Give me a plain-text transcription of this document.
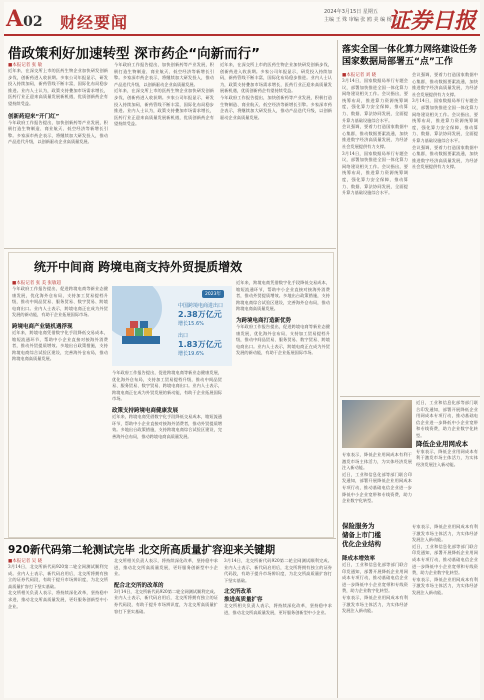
A02 财经要闻
2024年3月15日 星期五
主编 王 殊 审编 张 鸥 美 编 杨 宣
证券日报
借政策利好加速转型 深市药企“向新而行”	落实全国一体化算力网络建设任务 国家数据局部署五“点”工作
■本报记者 张 敏
近年来，在深交所上市的医药生物企业加快研发创新步伐，创新药进入收获期。多家公司年报显示，研发投入持续加码，新药管线不断丰富，国际化布局稳步推进。业内人士认为，政策支持叠加市场需求增长，医药行业正迎来高质量发展新机遇，优质创新药企有望持续受益。
创新药迎来“开门红”
今年政府工作报告提出，加快创新药等产业发展，积极打造生物制造、商业航天、低空经济等新增长引擎。多家深市药企表示，将继续加大研发投入，推动产品迭代升级，以创新驱动企业高质量发展。
今年政府工作报告提出，加快创新药等产业发展，积极打造生物制造、商业航天、低空经济等新增长引擎。多家深市药企表示，将继续加大研发投入，推动产品迭代升级，以创新驱动企业高质量发展。
近年来，在深交所上市的医药生物企业加快研发创新步伐，创新药进入收获期。多家公司年报显示，研发投入持续加码，新药管线不断丰富，国际化布局稳步推进。业内人士认为，政策支持叠加市场需求增长，医药行业正迎来高质量发展新机遇，优质创新药企有望持续受益。
近年来，在深交所上市的医药生物企业加快研发创新步伐，创新药进入收获期。多家公司年报显示，研发投入持续加码，新药管线不断丰富，国际化布局稳步推进。业内人士认为，政策支持叠加市场需求增长，医药行业正迎来高质量发展新机遇，优质创新药企有望持续受益。
今年政府工作报告提出，加快创新药等产业发展，积极打造生物制造、商业航天、低空经济等新增长引擎。多家深市药企表示，将继续加大研发投入，推动产品迭代升级，以创新驱动企业高质量发展。
■本报记者 刘 晓
3月14日，国家数据局举行专题会议，部署加快推进全国一体化算力网络建设相关工作。会议指出，要统筹布局，推进算力资源统筹调度，强化算力安全保障，推动算力、数据、算法协同发展，全面提升算力基础设施综合水平。
会议强调，要着力打造国家数据中心集群，推动数据要素流通，加快推进数字经济高质量发展，为经济社会发展提供有力支撑。
3月14日，国家数据局举行专题会议，部署加快推进全国一体化算力网络建设相关工作。会议指出，要统筹布局，推进算力资源统筹调度，强化算力安全保障，推动算力、数据、算法协同发展，全面提升算力基础设施综合水平。
会议强调，要着力打造国家数据中心集群，推动数据要素流通，加快推进数字经济高质量发展，为经济社会发展提供有力支撑。
3月14日，国家数据局举行专题会议，部署加快推进全国一体化算力网络建设相关工作。会议指出，要统筹布局，推进算力资源统筹调度，强化算力安全保障，推动算力、数据、算法协同发展，全面提升算力基础设施综合水平。
会议强调，要着力打造国家数据中心集群，推动数据要素流通，加快推进数字经济高质量发展，为经济社会发展提供有力支撑。
统开中间商 跨境电商支持外贸提质增效
■本报记者 张 美 张敏超
今年政府工作报告提出，促进跨境电商等新业态健康发展，优化海外仓布局，支持加工贸易提档升级，推动中间品贸易、服务贸易、数字贸易、跨境电商出口。业内人士表示，跨境电商正在成为外贸发展的新动能，有助于企业拓展国际市场。
跨境电商产业链机遇浮现
近年来，跨境电商凭借数字化手段降低交易成本，缩短流通环节，帮助中小企业直接对接海外消费者，推动外贸提质增效。多地出台政策措施，支持跨境电商综合试验区建设，完善海外仓布局，推动跨境电商高质量发展。
2023年
中国跨境电商进出口
2.38万亿元
增长15.6%
出口
1.83万亿元
增长19.6%
今年政府工作报告提出，促进跨境电商等新业态健康发展，优化海外仓布局，支持加工贸易提档升级，推动中间品贸易、服务贸易、数字贸易、跨境电商出口。业内人士表示，跨境电商正在成为外贸发展的新动能，有助于企业拓展国际市场。
政策支持跨境电商健康发展
近年来，跨境电商凭借数字化手段降低交易成本，缩短流通环节，帮助中小企业直接对接海外消费者，推动外贸提质增效。多地出台政策措施，支持跨境电商综合试验区建设，完善海外仓布局，推动跨境电商高质量发展。
近年来，跨境电商凭借数字化手段降低交易成本，缩短流通环节，帮助中小企业直接对接海外消费者，推动外贸提质增效。多地出台政策措施，支持跨境电商综合试验区建设，完善海外仓布局，推动跨境电商高质量发展。
为跨境电商打造新优势
今年政府工作报告提出，促进跨境电商等新业态健康发展，优化海外仓布局，支持加工贸易提档升级，推动中间品贸易、服务贸易、数字贸易、跨境电商出口。业内人士表示，跨境电商正在成为外贸发展的新动能，有助于企业拓展国际市场。
920新代码第二轮测试完毕 北交所高质量扩容迎来关键期
■本报记者 吴 晓
3月14日，北交所新代码920第二轮全网测试顺利完成。业内人士表示，新代码启用后，北交所将拥有独立的证券代码段，有助于提升市场辨识度，为北交所高质量扩容打下坚实基础。
北交所相关负责人表示，将持续深化改革，坚持稳中求进，推动北交所高质量发展，更好服务创新型中小企业。
北交所相关负责人表示，将持续深化改革，坚持稳中求进，推动北交所高质量发展，更好服务创新型中小企业。
配合北交所的改革的
3月14日，北交所新代码920第二轮全网测试顺利完成。业内人士表示，新代码启用后，北交所将拥有独立的证券代码段，有助于提升市场辨识度，为北交所高质量扩容打下坚实基础。
3月14日，北交所新代码920第二轮全网测试顺利完成。业内人士表示，新代码启用后，北交所将拥有独立的证券代码段，有助于提升市场辨识度，为北交所高质量扩容打下坚实基础。
北交所改革
推进高质量扩容
北交所相关负责人表示，将持续深化改革，坚持稳中求进，推动北交所高质量发展，更好服务创新型中小企业。
近日，工业和信息化部等部门联合印发通知，部署开展降低企业用网成本专项行动，推动基础电信企业进一步降低中小企业宽带和专线资费，助力企业数字化转型。
降低企业用网成本
专家表示，降低企业用网成本有利于激发市场主体活力，为实体经济发展注入新动能。
专家表示，降低企业用网成本有利于激发市场主体活力，为实体经济发展注入新动能。
近日，工业和信息化部等部门联合印发通知，部署开展降低企业用网成本专项行动，推动基础电信企业进一步降低中小企业宽带和专线资费，助力企业数字化转型。
保险服务为
储备上市门槛
优化企业结构
降成本增效率
近日，工业和信息化部等部门联合印发通知，部署开展降低企业用网成本专项行动，推动基础电信企业进一步降低中小企业宽带和专线资费，助力企业数字化转型。
专家表示，降低企业用网成本有利于激发市场主体活力，为实体经济发展注入新动能。
专家表示，降低企业用网成本有利于激发市场主体活力，为实体经济发展注入新动能。
近日，工业和信息化部等部门联合印发通知，部署开展降低企业用网成本专项行动，推动基础电信企业进一步降低中小企业宽带和专线资费，助力企业数字化转型。
专家表示，降低企业用网成本有利于激发市场主体活力，为实体经济发展注入新动能。
